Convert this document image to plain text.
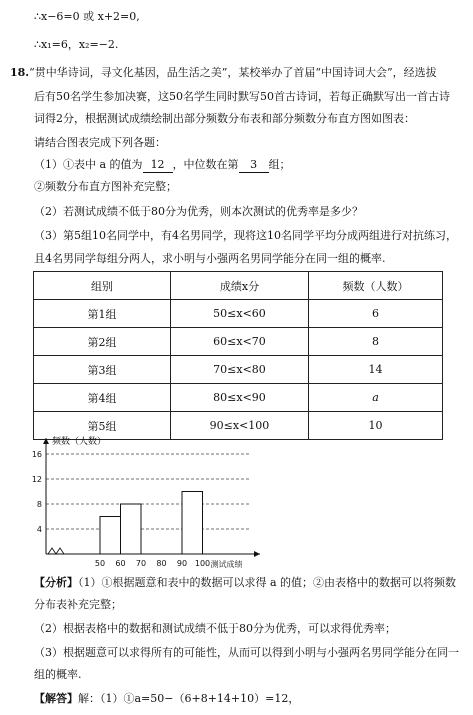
∴x−6=0 或 x+2=0,
∴x₁=6，x₂=−2.
18.“贯中华诗词，寻文化基因，品生活之美”，某校举办了首届“中国诗词大会”，经选拔
后有50名学生参加决赛，这50名学生同时默写50首古诗词，若每正确默写出一首古诗
词得2分，根据测试成绩绘制出部分频数分布表和部分频数分布直方图如图表：
请结合图表完成下列各题：
（1）①表中 a 的值为 12 ，中位数在第 3 组；
②频数分布直方图补充完整；
（2）若测试成绩不低于80分为优秀，则本次测试的优秀率是多少？
（3）第5组10名同学中，有4名男同学，现将这10名同学平均分成两组进行对抗练习，
且4名男同学每组分两人，求小明与小强两名男同学能分在同一组的概率.
组别	成绩x分	频数（人数）
第1组	50≤x<60	6
第2组	60≤x<70	8
第3组	70≤x<80	14
第4组	80≤x<90	a
第5组	90≤x<100	10
4
8
12
16
50 60 70 80 90 100
频数（人数）
测试成绩
【分析】（1）①根据题意和表中的数据可以求得 a 的值；②由表格中的数据可以将频数
分布表补充完整；
（2）根据表格中的数据和测试成绩不低于80分为优秀，可以求得优秀率；
（3）根据题意可以求得所有的可能性，从而可以得到小明与小强两名男同学能分在同一
组的概率.
【解答】解：（1）①a=50−（6+8+14+10）=12，
